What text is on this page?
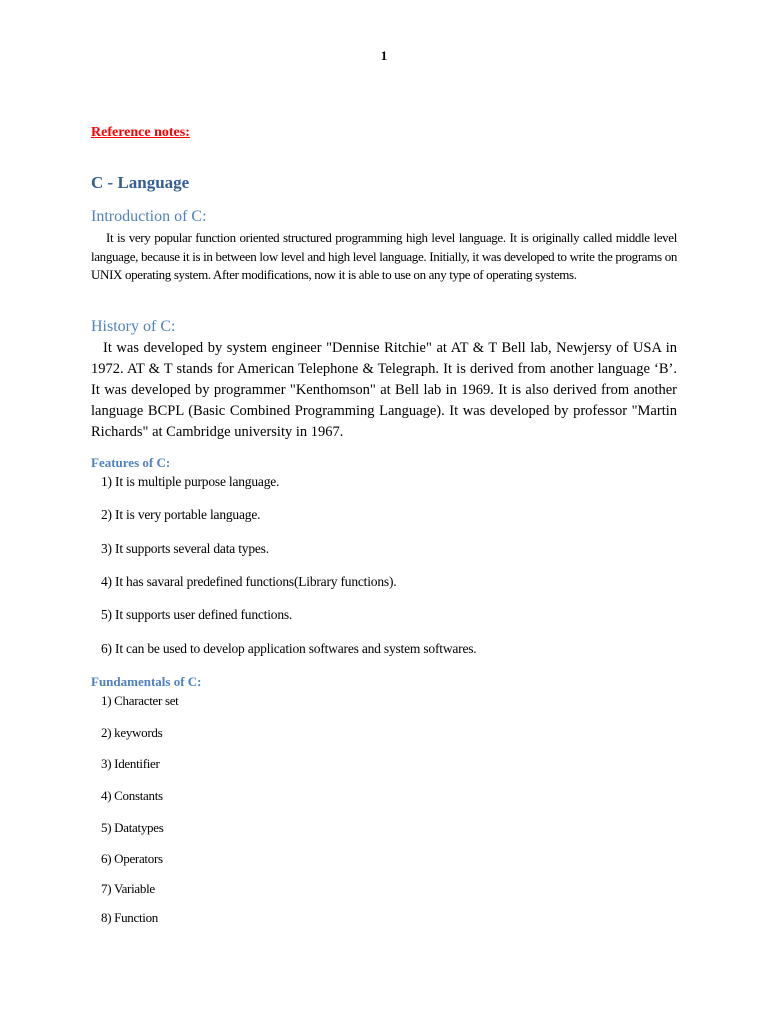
1
Reference notes:
C - Language
Introduction of C:
It is very popular function oriented structured programming high level language. It is originally called middle level language, because it is in between low level and high level language. Initially, it was developed to write the programs on UNIX operating system. After modifications, now it is able to use on any type of operating systems.
History of C:
It was developed by system engineer "Dennise Ritchie" at AT & T Bell lab, Newjersy of USA in 1972. AT & T stands for American Telephone & Telegraph. It is derived from another language ‘B’. It was developed by programmer "Kenthomson" at Bell lab in 1969. It is also derived from another language BCPL (Basic Combined Programming Language). It was developed by professor "Martin Richards" at Cambridge university in 1967.
Features of C:
1) It is multiple purpose language.
2) It is very portable language.
3) It supports several data types.
4) It has savaral predefined functions(Library functions).
5) It supports user defined functions.
6) It can be used to develop application softwares and system softwares.
Fundamentals of C:
1) Character set
2) keywords
3) Identifier
4) Constants
5) Datatypes
6) Operators
7) Variable
8) Function
